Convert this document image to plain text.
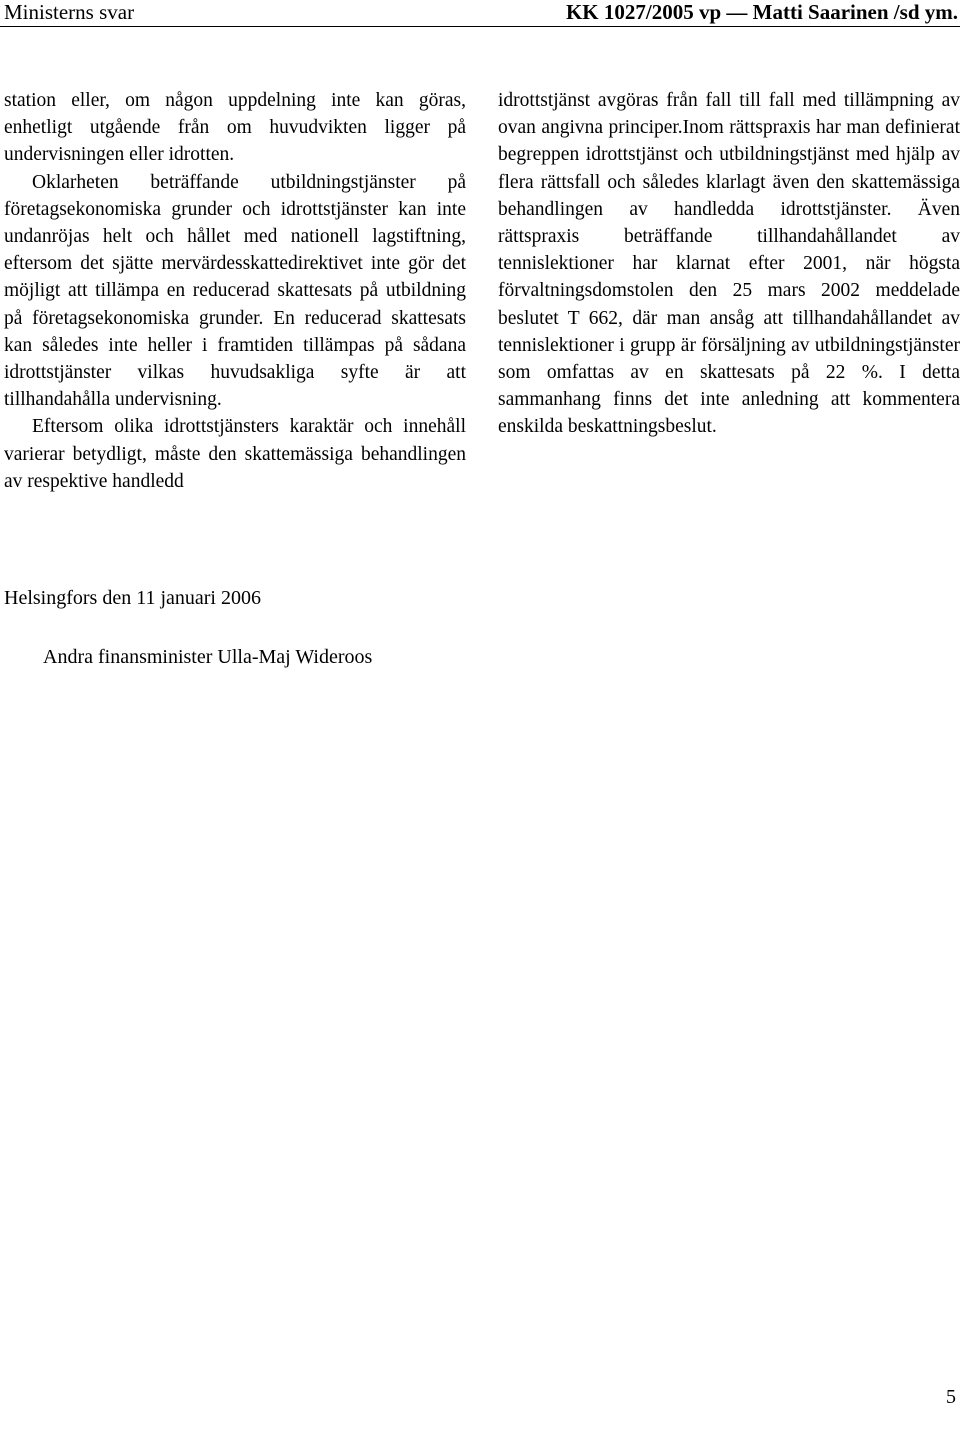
Ministerns svar	KK 1027/2005 vp — Matti Saarinen /sd ym.

station eller, om någon uppdelning inte kan göras, enhetligt utgående från om huvudvikten ligger på undervisningen eller idrotten.

Oklarheten beträffande utbildningstjänster på företagsekonomiska grunder och idrottstjänster kan inte undanröjas helt och hållet med nationell lagstiftning, eftersom det sjätte mervärdesskattedirektivet inte gör det möjligt att tillämpa en reducerad skattesats på utbildning på företagsekonomiska grunder. En reducerad skattesats kan således inte heller i framtiden tillämpas på sådana idrottstjänster vilkas huvudsakliga syfte är att tillhandahålla undervisning.

Eftersom olika idrottstjänsters karaktär och innehåll varierar betydligt, måste den skattemässiga behandlingen av respektive handledd

idrottstjänst avgöras från fall till fall med tillämpning av ovan angivna principer.Inom rättspraxis har man definierat begreppen idrottstjänst och utbildningstjänst med hjälp av flera rättsfall och således klarlagt även den skattemässiga behandlingen av handledda idrottstjänster. Även rättspraxis beträffande tillhandahållandet av tennislektioner har klarnat efter 2001, när högsta förvaltningsdomstolen den 25 mars 2002 meddelade beslutet T 662, där man ansåg att tillhandahållandet av tennislektioner i grupp är försäljning av utbildningstjänster som omfattas av en skattesats på 22 %. I detta sammanhang finns det inte anledning att kommentera enskilda beskattningsbeslut.

Helsingfors den 11 januari 2006
Andra finansminister Ulla-Maj Wideroos
5
